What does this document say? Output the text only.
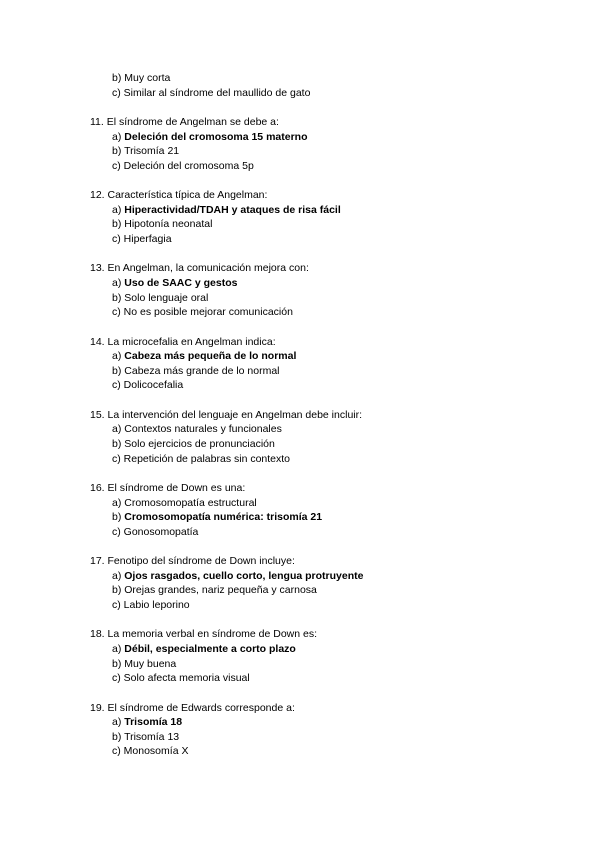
b) Muy corta
c) Similar al síndrome del maullido de gato
11. El síndrome de Angelman se debe a:
a) Deleción del cromosoma 15 materno
b) Trisomía 21
c) Deleción del cromosoma 5p
12. Característica típica de Angelman:
a) Hiperactividad/TDAH y ataques de risa fácil
b) Hipotonía neonatal
c) Hiperfagia
13. En Angelman, la comunicación mejora con:
a) Uso de SAAC y gestos
b) Solo lenguaje oral
c) No es posible mejorar comunicación
14. La microcefalia en Angelman indica:
a) Cabeza más pequeña de lo normal
b) Cabeza más grande de lo normal
c) Dolicocefalia
15. La intervención del lenguaje en Angelman debe incluir:
a) Contextos naturales y funcionales
b) Solo ejercicios de pronunciación
c) Repetición de palabras sin contexto
16. El síndrome de Down es una:
a) Cromosomopatía estructural
b) Cromosomopatía numérica: trisomía 21
c) Gonosomopatía
17. Fenotipo del síndrome de Down incluye:
a) Ojos rasgados, cuello corto, lengua protruyente
b) Orejas grandes, nariz pequeña y carnosa
c) Labio leporino
18. La memoria verbal en síndrome de Down es:
a) Débil, especialmente a corto plazo
b) Muy buena
c) Solo afecta memoria visual
19. El síndrome de Edwards corresponde a:
a) Trisomía 18
b) Trisomía 13
c) Monosomía X
